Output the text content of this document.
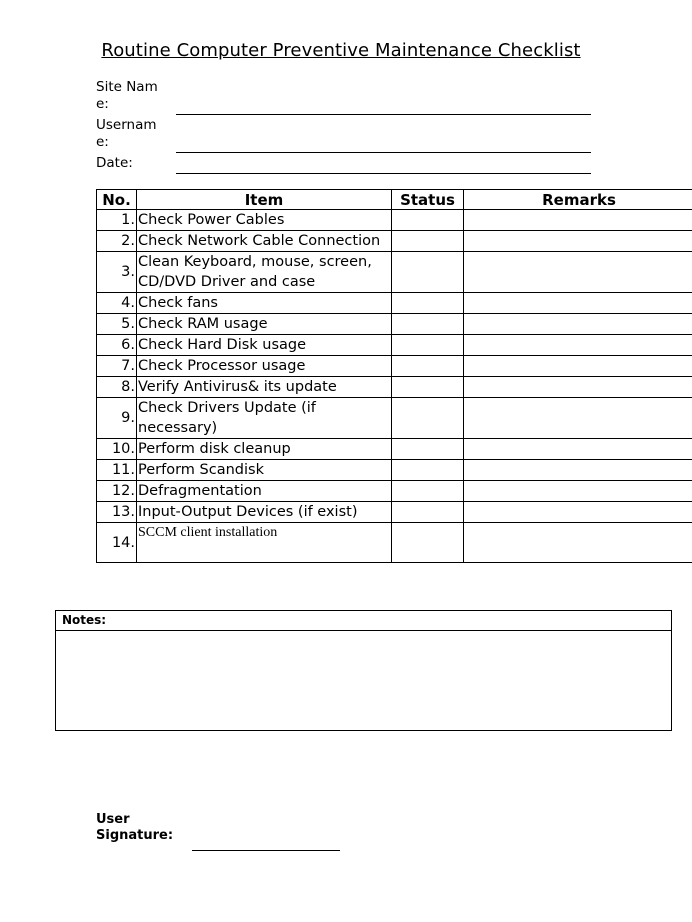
Routine Computer Preventive Maintenance Checklist
Site Name:
Usernam e:
Date:
No.	Item	Status	Remarks
1.	Check Power Cables		
2.	Check Network Cable Connection		
3.	Clean Keyboard, mouse, screen, CD/DVD Driver and case		
4.	Check fans		
5.	Check RAM usage		
6.	Check Hard Disk usage		
7.	Check Processor usage		
8.	Verify Antivirus& its update		
9.	Check Drivers Update (if necessary)		
10.	Perform disk cleanup		
11.	Perform Scandisk		
12.	Defragmentation		
13.	Input-Output Devices (if exist)		
14.	SCCM client installation		
Notes:
User Signature:
